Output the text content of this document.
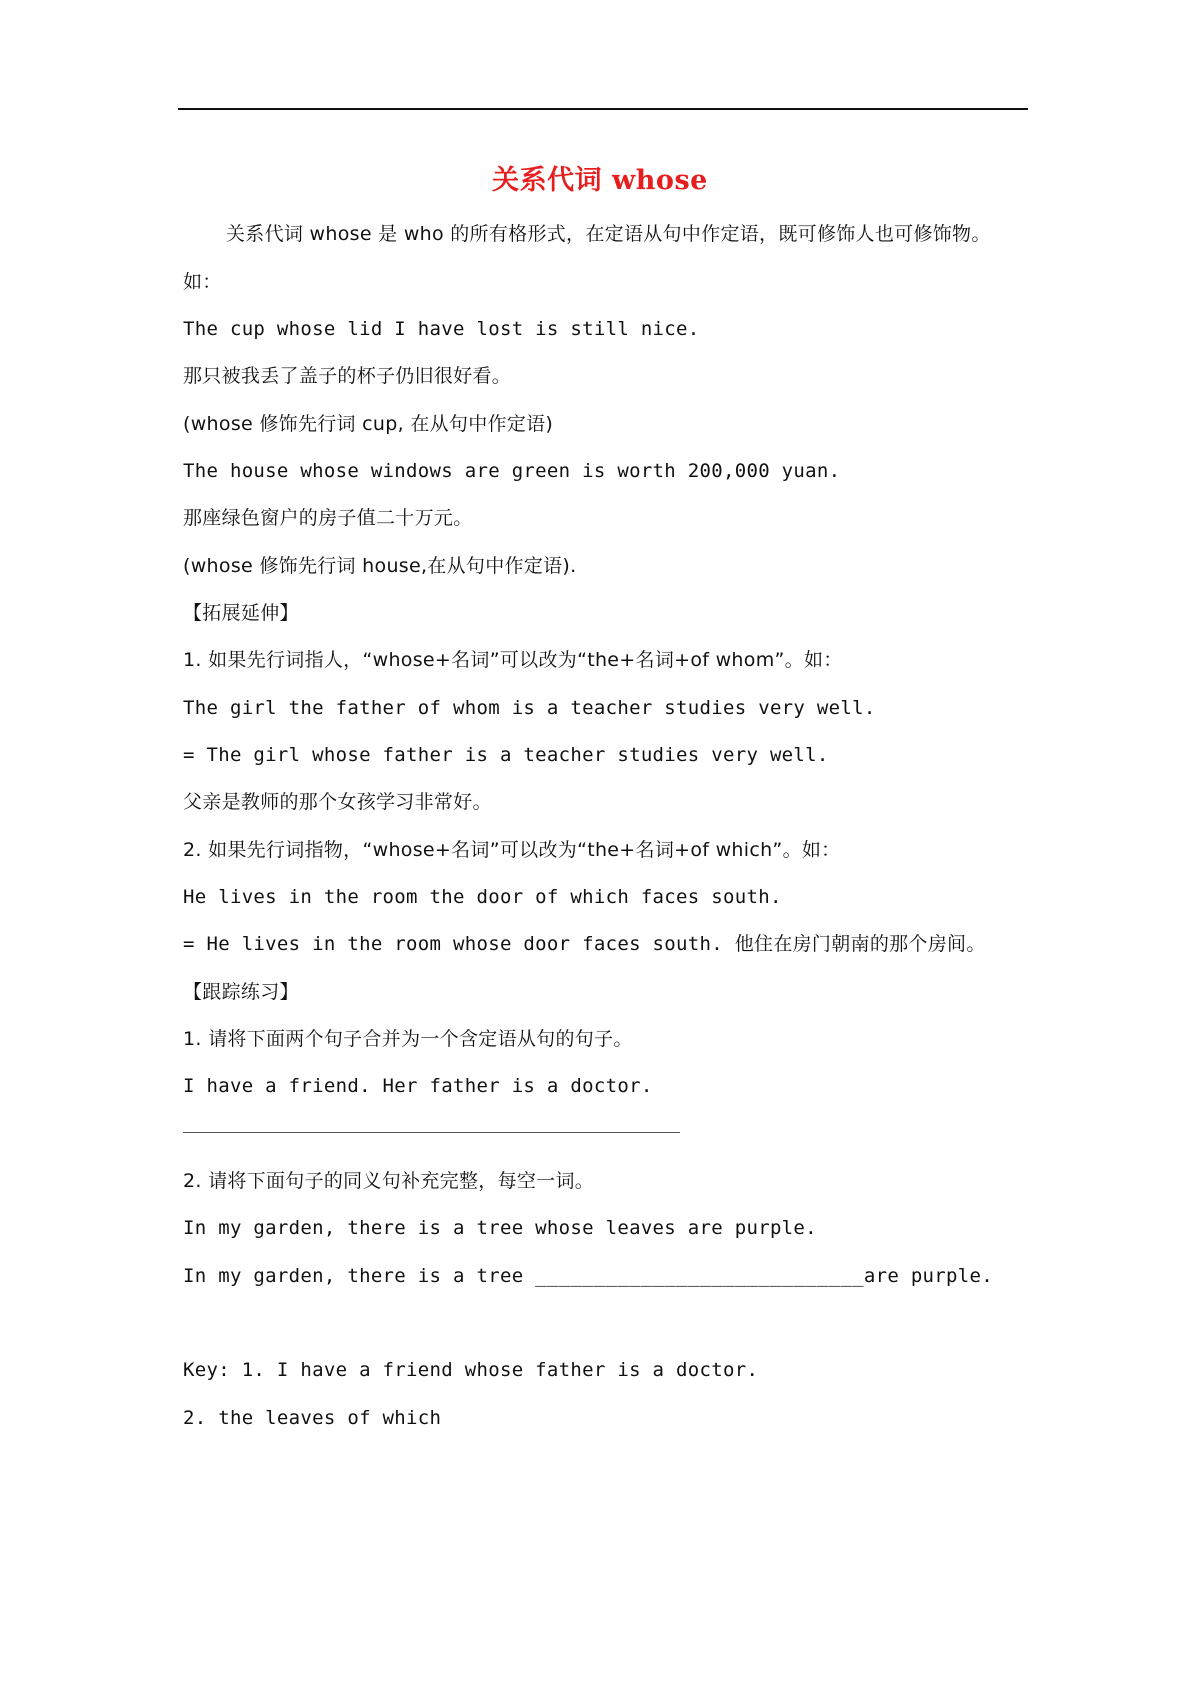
关系代词 whose
关系代词 whose 是 who 的所有格形式，在定语从句中作定语，既可修饰人也可修饰物。
如：
The cup whose lid I have lost is still nice.
那只被我丢了盖子的杯子仍旧很好看。
(whose 修饰先行词 cup, 在从句中作定语)
The house whose windows are green is worth 200,000 yuan.
那座绿色窗户的房子值二十万元。
(whose 修饰先行词 house,在从句中作定语).
【拓展延伸】
1. 如果先行词指人，“whose+名词”可以改为“the+名词+of whom”。如：
The girl the father of whom is a teacher studies very well.
= The girl whose father is a teacher studies very well.
父亲是教师的那个女孩学习非常好。
2. 如果先行词指物，“whose+名词”可以改为“the+名词+of which”。如：
He lives in the room the door of which faces south.
= He lives in the room whose door faces south. 他住在房门朝南的那个房间。
【跟踪练习】
1. 请将下面两个句子合并为一个含定语从句的句子。
I have a friend. Her father is a doctor.
2. 请将下面句子的同义句补充完整，每空一词。
In my garden, there is a tree whose leaves are purple.
In my garden, there is a tree ____________________________are purple.
Key: 1. I have a friend whose father is a doctor.
2. the leaves of which
